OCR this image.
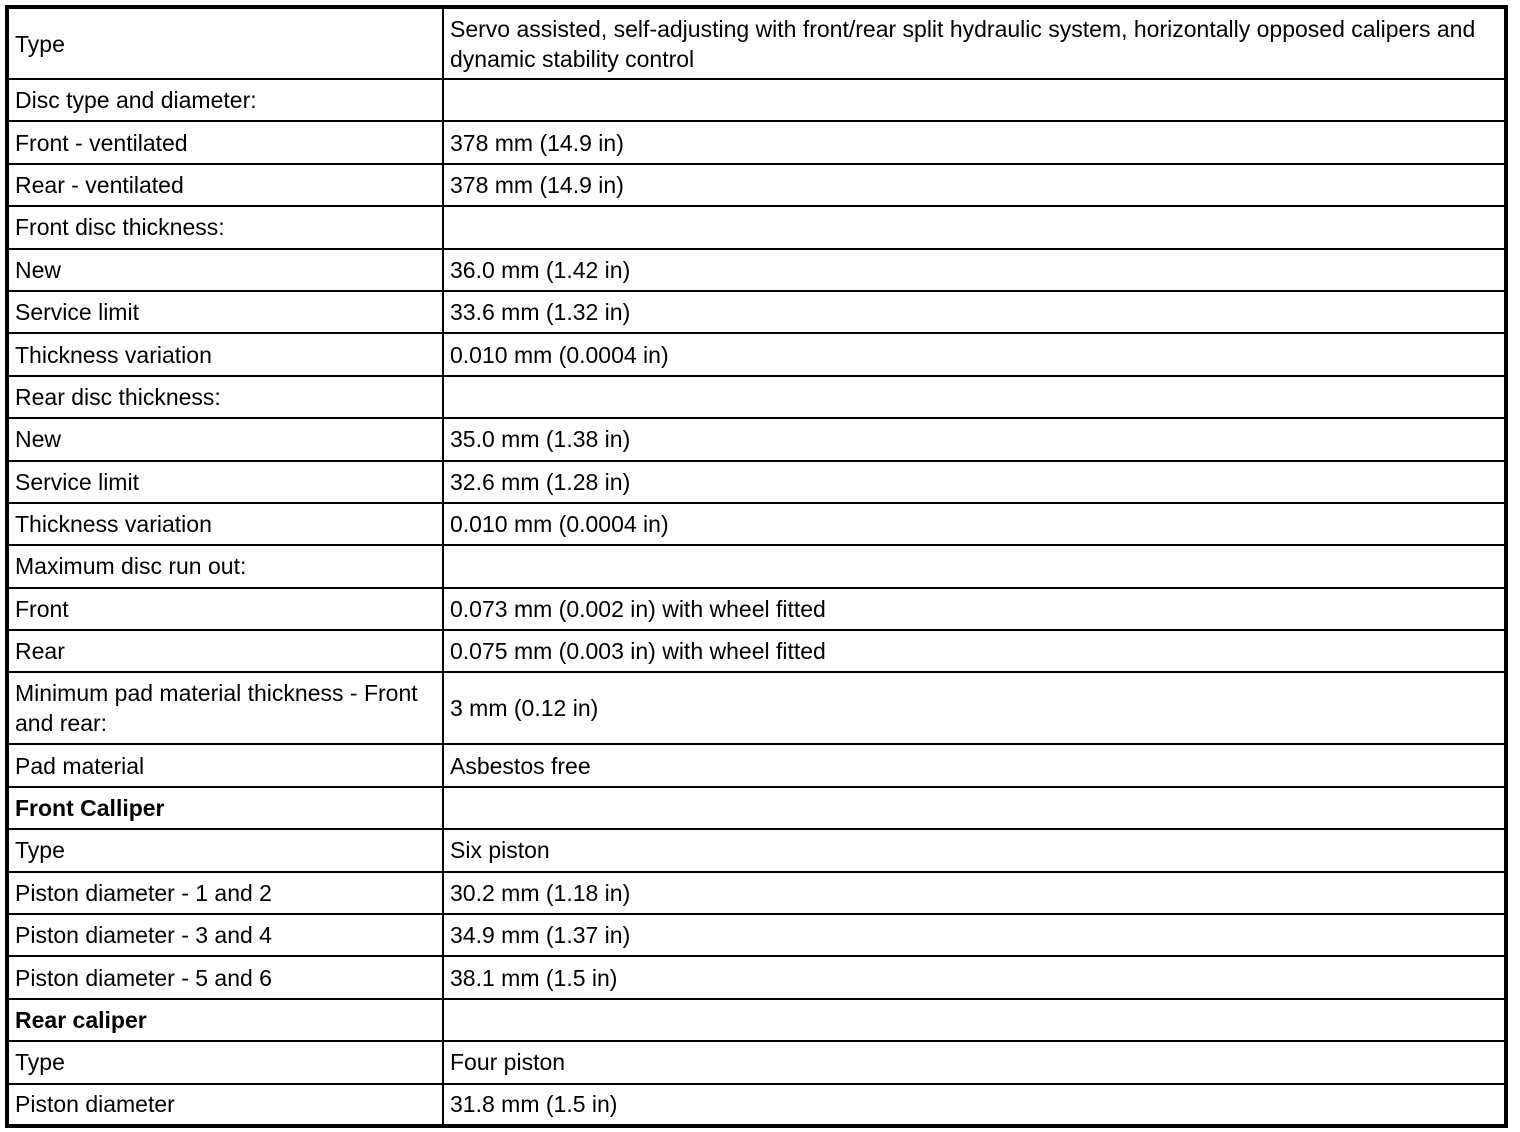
Type	Servo assisted, self-adjusting with front/rear split hydraulic system, horizontally opposed calipers and dynamic stability control
Disc type and diameter:	
Front - ventilated	378 mm (14.9 in)
Rear - ventilated	378 mm (14.9 in)
Front disc thickness:	
New	36.0 mm (1.42 in)
Service limit	33.6 mm (1.32 in)
Thickness variation	0.010 mm (0.0004 in)
Rear disc thickness:	
New	35.0 mm (1.38 in)
Service limit	32.6 mm (1.28 in)
Thickness variation	0.010 mm (0.0004 in)
Maximum disc run out:	
Front	0.073 mm (0.002 in) with wheel fitted
Rear	0.075 mm (0.003 in) with wheel fitted
Minimum pad material thickness - Front and rear:	3 mm (0.12 in)
Pad material	Asbestos free
Front Calliper	
Type	Six piston
Piston diameter - 1 and 2	30.2 mm (1.18 in)
Piston diameter - 3 and 4	34.9 mm (1.37 in)
Piston diameter - 5 and 6	38.1 mm (1.5 in)
Rear caliper	
Type	Four piston
Piston diameter	31.8 mm (1.5 in)
